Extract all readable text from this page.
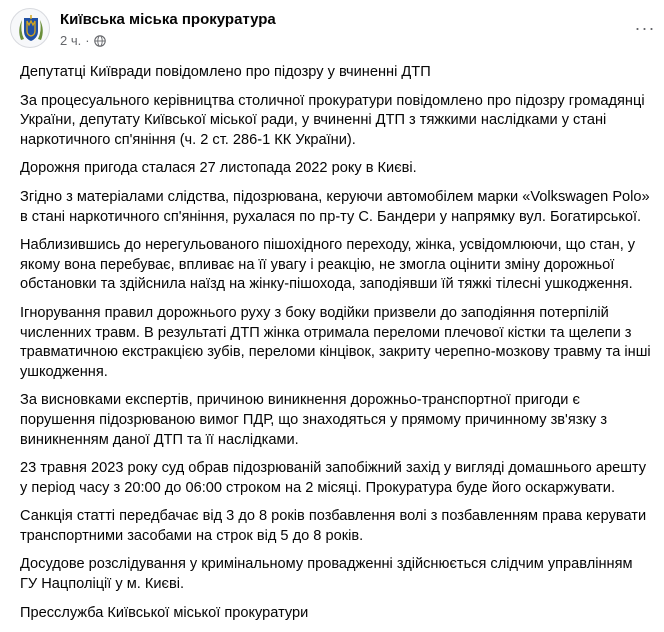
Київська міська прокуратура
2 ч. ·
···

Депутатці Київради повідомлено про підозру у вчиненні ДТП

За процесуального керівництва столичної прокуратури повідомлено про підозру громадянці України, депутату Київської міської ради, у вчиненні ДТП з тяжкими наслідками у стані наркотичного сп'яніння (ч. 2 ст. 286-1 КК України).

Дорожня пригода сталася 27 листопада 2022 року в Києві.

Згідно з матеріалами слідства, підозрювана, керуючи автомобілем марки «Volkswagen Polo» в стані наркотичного сп'яніння, рухалася по пр-ту С. Бандери у напрямку вул. Богатирської.

Наблизившись до нерегульованого пішохідного переходу, жінка, усвідомлюючи, що стан, у якому вона перебуває, впливає на її увагу і реакцію, не змогла оцінити зміну дорожньої обстановки та здійснила наїзд на жінку-пішохода, заподіявши їй тяжкі тілесні ушкодження.

Ігнорування правил дорожнього руху з боку водійки призвели до заподіяння потерпілій численних травм. В результаті ДТП жінка отримала переломи плечової кістки та щелепи з травматичною екстракцією зубів, переломи кінцівок, закриту черепно-мозкову травму та інші ушкодження.

За висновками експертів, причиною виникнення дорожньо-транспортної пригоди є порушення підозрюваною вимог ПДР, що знаходяться у прямому причинному зв'язку з виникненням даної ДТП та її наслідками.

23 травня 2023 року суд обрав підозрюваній запобіжний захід у вигляді домашнього арешту у період часу з 20:00 до 06:00 строком на 2 місяці. Прокуратура буде його оскаржувати.

Санкція статті передбачає від 3 до 8 років позбавлення волі з позбавленням права керувати транспортними засобами на строк від 5 до 8 років.

Досудове розслідування у кримінальному провадженні здійснюється слідчим управлінням ГУ Нацполіції у м. Києві.

Пресслужба Київської міської прокуратури
